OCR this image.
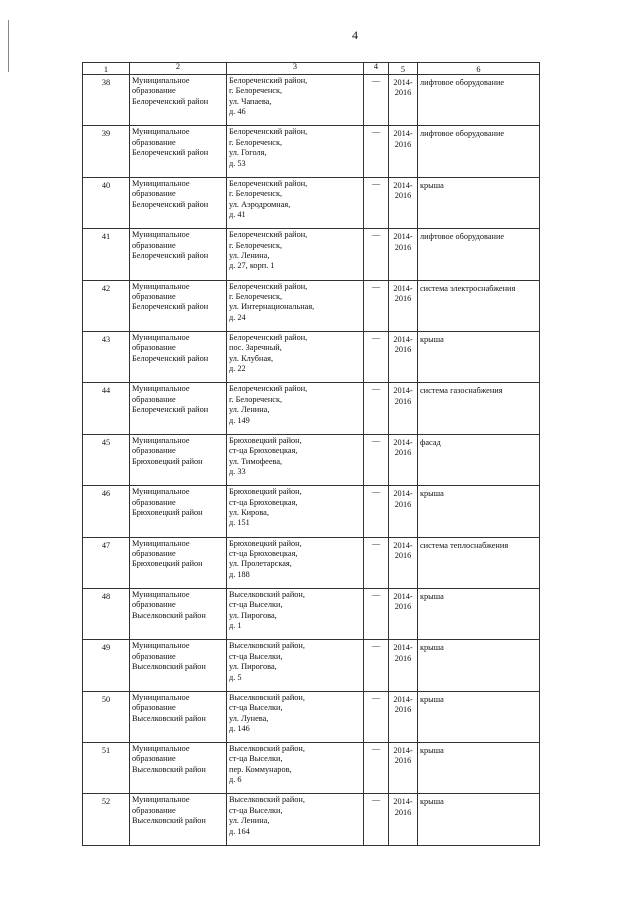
4
1	2	3	4	5	6
38	Муниципальное образование Белореченский район	Белореченский район,
г. Белореченск,
ул. Чапаева,
д. 46	—	2014-2016	лифтовое оборудование
39	Муниципальное образование Белореченский район	Белореченский район,
г. Белореченск,
ул. Гоголя,
д. 53	—	2014-2016	лифтовое оборудование
40	Муниципальное образование Белореченский район	Белореченский район,
г. Белореченск,
ул. Аэродромная,
д. 41	—	2014-2016	крыша
41	Муниципальное образование Белореченский район	Белореченский район,
г. Белореченск,
ул. Ленина,
д. 27, корп. 1	—	2014-2016	лифтовое оборудование
42	Муниципальное образование Белореченский район	Белореченский район,
г. Белореченск,
ул. Интернациональная,
д. 24	—	2014-2016	система электроснабжения
43	Муниципальное образование Белореченский район	Белореченский район,
пос. Заречный,
ул. Клубная,
д. 22	—	2014-2016	крыша
44	Муниципальное образование Белореченский район	Белореченский район,
г. Белореченск,
ул. Ленина,
д. 149	—	2014-2016	система газоснабжения
45	Муниципальное образование Брюховецкий район	Брюховецкий район,
ст-ца Брюховецкая,
ул. Тимофеева,
д. 33	—	2014-2016	фасад
46	Муниципальное образование Брюховецкий район	Брюховецкий район,
ст-ца Брюховецкая,
ул. Кирова,
д. 151	—	2014-2016	крыша
47	Муниципальное образование Брюховецкий район	Брюховецкий район,
ст-ца Брюховецкая,
ул. Пролетарская,
д. 188	—	2014-2016	система теплоснабжения
48	Муниципальное образование Выселковский район	Выселковский район,
ст-ца Выселки,
ул. Пирогова,
д. 1	—	2014-2016	крыша
49	Муниципальное образование Выселковский район	Выселковский район,
ст-ца Выселки,
ул. Пирогова,
д. 5	—	2014-2016	крыша
50	Муниципальное образование Выселковский район	Выселковский район,
ст-ца Выселки,
ул. Лунева,
д. 146	—	2014-2016	крыша
51	Муниципальное образование Выселковский район	Выселковский район,
ст-ца Выселки,
пер. Коммунаров,
д. 6	—	2014-2016	крыша
52	Муниципальное образование Выселковский район	Выселковский район,
ст-ца Выселки,
ул. Ленина,
д. 164	—	2014-2016	крыша
